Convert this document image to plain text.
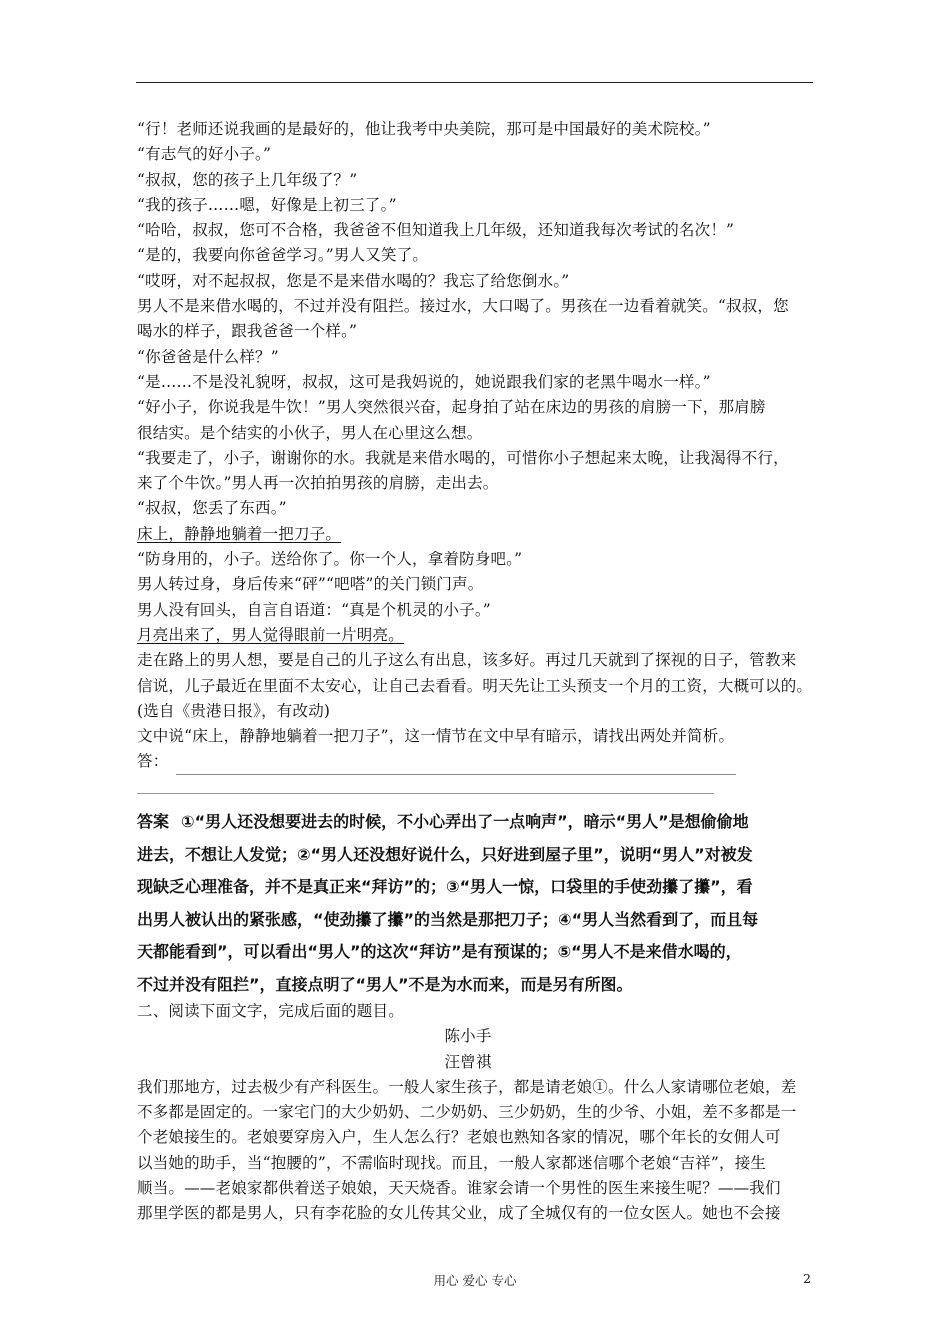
“行！老师还说我画的是最好的，他让我考中央美院，那可是中国最好的美术院校。”
“有志气的好小子。”
“叔叔，您的孩子上几年级了？”
“我的孩子……嗯，好像是上初三了。”
“哈哈，叔叔，您可不合格，我爸爸不但知道我上几年级，还知道我每次考试的名次！”
“是的，我要向你爸爸学习。”男人又笑了。
“哎呀，对不起叔叔，您是不是来借水喝的？我忘了给您倒水。”
男人不是来借水喝的，不过并没有阻拦。接过水，大口喝了。男孩在一边看着就笑。“叔叔，您
喝水的样子，跟我爸爸一个样。”
“你爸爸是什么样？”
“是……不是没礼貌呀，叔叔，这可是我妈说的，她说跟我们家的老黑牛喝水一样。”
“好小子，你说我是牛饮！”男人突然很兴奋，起身拍了站在床边的男孩的肩膀一下，那肩膀
很结实。是个结实的小伙子，男人在心里这么想。
“我要走了，小子，谢谢你的水。我就是来借水喝的，可惜你小子想起来太晚，让我渴得不行，
来了个牛饮。”男人再一次拍拍男孩的肩膀，走出去。
“叔叔，您丢了东西。”
床上，静静地躺着一把刀子。
“防身用的，小子。送给你了。你一个人，拿着防身吧。”
男人转过身，身后传来“砰”“吧嗒”的关门锁门声。
男人没有回头，自言自语道：“真是个机灵的小子。”
月亮出来了，男人觉得眼前一片明亮。
走在路上的男人想，要是自己的儿子这么有出息，该多好。再过几天就到了探视的日子，管教来
信说，儿子最近在里面不太安心，让自己去看看。明天先让工头预支一个月的工资，大概可以的。
(选自《贵港日报》，有改动)
文中说“床上，静静地躺着一把刀子”，这一情节在文中早有暗示，请找出两处并简析。
答：
答案 ①“男人还没想要进去的时候，不小心弄出了一点响声”，暗示“男人”是想偷偷地
进去，不想让人发觉；②“男人还没想好说什么，只好进到屋子里”，说明“男人”对被发
现缺乏心理准备，并不是真正来“拜访”的；③“男人一惊，口袋里的手使劲攥了攥”，看
出男人被认出的紧张感，“使劲攥了攥”的当然是那把刀子；④“男人当然看到了，而且每
天都能看到”，可以看出“男人”的这次“拜访”是有预谋的；⑤“男人不是来借水喝的，
不过并没有阻拦”，直接点明了“男人”不是为水而来，而是另有所图。
二、阅读下面文字，完成后面的题目。
陈小手
汪曾祺
我们那地方，过去极少有产科医生。一般人家生孩子，都是请老娘①。什么人家请哪位老娘，差
不多都是固定的。一家宅门的大少奶奶、二少奶奶、三少奶奶，生的少爷、小姐，差不多都是一
个老娘接生的。老娘要穿房入户，生人怎么行？老娘也熟知各家的情况，哪个年长的女佣人可
以当她的助手，当“抱腰的”，不需临时现找。而且，一般人家都迷信哪个老娘“吉祥”，接生
顺当。——老娘家都供着送子娘娘，天天烧香。谁家会请一个男性的医生来接生呢？——我们
那里学医的都是男人，只有李花脸的女儿传其父业，成了全城仅有的一位女医人。她也不会接
用心 爱心 专心	2
